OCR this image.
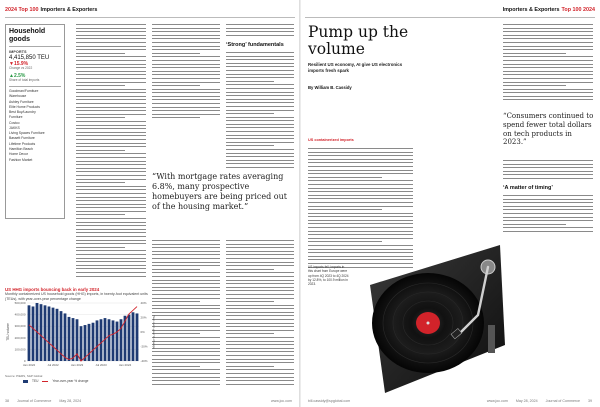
2024 Top 100 Importers & Exporters
Household goods
IMPORTS
4,415,850 TEU
▼15.9%
Change vs 2022
▲2.5%
Share of total imports
Goodman/Furniture
Warehouse
Ashley Furniture
Elite Home Products
Best Buy/Laundry
Furniture
Costco
JAKKS
Living Spaces Furniture
Bassett Furniture
Lifetime Products
Hamilton Beach
Home Decor
Fashion Market
‘Strong’ fundamentals
“With mortgage rates averaging 6.8%, many prospective homebuyers are being priced out of the housing market.”
US HHG imports bouncing back in early 2024
Monthly containerized US household goods (HHG) imports, in twenty-foot equivalent units (TEUs), with year-over-year percentage change
0
100,000
200,000
300,000
400,000
500,000
-40%
-20%
0%
20%
40%
TEU volume	Year-over-year % change
Jan 2022	Jul 2022	Jan 2023	Jul 2023	Jan 2024
Source: PIERS, S&P Global
TEU	Year-over-year % change
38 Journal of Commerce May 28, 2024	www.joc.com
Importers & Exporters Top 100 2024
Pump up the volume
Resilient US economy, AI give US electronics imports fresh spark
By William B. Cassidy
“Consumers continued to spend fewer total dollars on tech products in 2023.”
‘A matter of timing’
US containerized imports
US imports fell; imports in this chart from Europe were up from 4Q 2023 to 4Q 2024 by 12.8%, to 100.9 million in 2023.
bill.cassidy@spglobal.com	www.joc.com May 28, 2024 Journal of Commerce 39
